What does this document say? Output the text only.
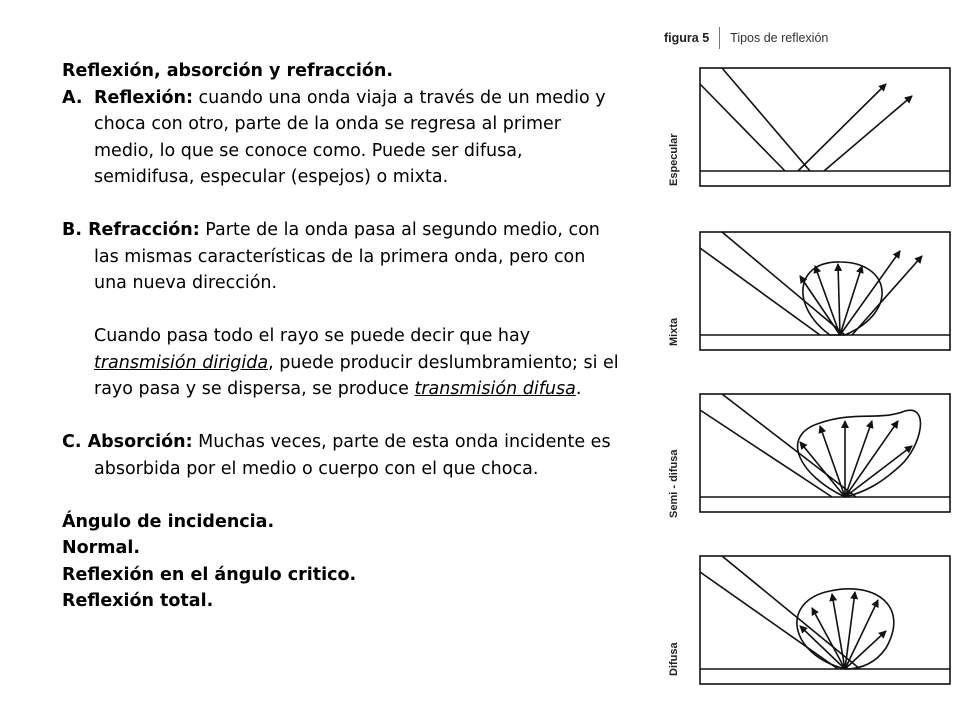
Reflexión, absorción y refracción.
A. Reflexión: cuando una onda viaja a través de un medio y choca con otro, parte de la onda se regresa al primer medio, lo que se conoce como. Puede ser difusa, semidifusa, especular (espejos) o mixta.
B. Refracción: Parte de la onda pasa al segundo medio, con las mismas características de la primera onda, pero con una nueva dirección.
Cuando pasa todo el rayo se puede decir que hay transmisión dirigida, puede producir deslumbramiento; si el rayo pasa y se dispersa, se produce transmisión difusa.
C. Absorción: Muchas veces, parte de esta onda incidente es absorbida por el medio o cuerpo con el que choca.
Ángulo de incidencia.
Normal.
Reflexión en el ángulo critico.
Reflexión total.
figura 5 Tipos de reflexión
Especular
Mixta
Semi - difusa
Difusa
